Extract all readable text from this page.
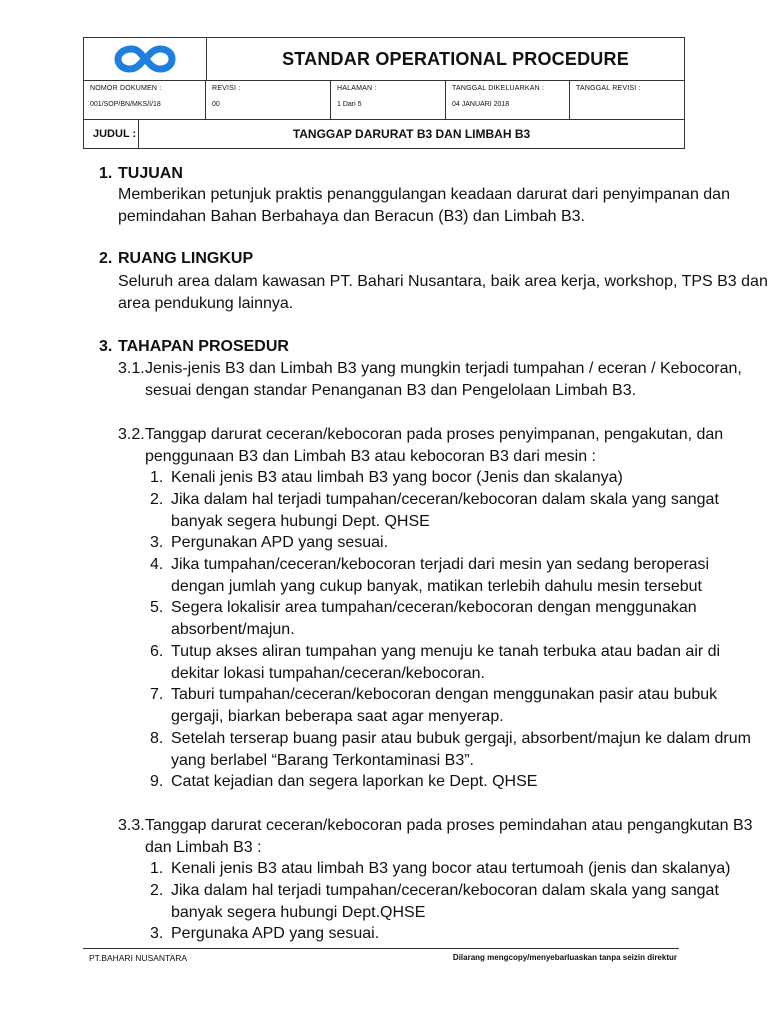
STANDAR OPERATIONAL PROCEDURE
NOMOR DOKUMEN :
001/SOP/BN/MKS/I/18
REVISI :
00
HALAMAN :
1 Dari 5
TANGGAL DIKELUARKAN :
04 JANUARI 2018
TANGGAL REVISI :
JUDUL :	TANGGAP DARURAT B3 DAN LIMBAH B3
1. TUJUAN
Memberikan petunjuk praktis penanggulangan keadaan darurat dari penyimpanan dan
pemindahan Bahan Berbahaya dan Beracun (B3) dan Limbah B3.
2. RUANG LINGKUP
Seluruh area dalam kawasan PT. Bahari Nusantara, baik area kerja, workshop, TPS B3 dan
area pendukung lainnya.
3. TAHAPAN PROSEDUR
3.1. Jenis-jenis B3 dan Limbah B3 yang mungkin terjadi tumpahan / eceran / Kebocoran,
sesuai dengan standar Penanganan B3 dan Pengelolaan Limbah B3.
3.2. Tanggap darurat ceceran/kebocoran pada proses penyimpanan, pengakutan, dan
penggunaan B3 dan Limbah B3 atau kebocoran B3 dari mesin :
1. Kenali jenis B3 atau limbah B3 yang bocor (Jenis dan skalanya)
2. Jika dalam hal terjadi tumpahan/ceceran/kebocoran dalam skala yang sangat
banyak segera hubungi Dept. QHSE
3. Pergunakan APD yang sesuai.
4. Jika tumpahan/ceceran/kebocoran terjadi dari mesin yan sedang beroperasi
dengan jumlah yang cukup banyak, matikan terlebih dahulu mesin tersebut
5. Segera lokalisir area tumpahan/ceceran/kebocoran dengan menggunakan
absorbent/majun.
6. Tutup akses aliran tumpahan yang menuju ke tanah terbuka atau badan air di
dekitar lokasi tumpahan/ceceran/kebocoran.
7. Taburi tumpahan/ceceran/kebocoran dengan menggunakan pasir atau bubuk
gergaji, biarkan beberapa saat agar menyerap.
8. Setelah terserap buang pasir atau bubuk gergaji, absorbent/majun ke dalam drum
yang berlabel “Barang Terkontaminasi B3”.
9. Catat kejadian dan segera laporkan ke Dept. QHSE
3.3. Tanggap darurat ceceran/kebocoran pada proses pemindahan atau pengangkutan B3
dan Limbah B3 :
1. Kenali jenis B3 atau limbah B3 yang bocor atau tertumoah (jenis dan skalanya)
2. Jika dalam hal terjadi tumpahan/ceceran/kebocoran dalam skala yang sangat
banyak segera hubungi Dept.QHSE
3. Pergunaka APD yang sesuai.
PT.BAHARI NUSANTARA	Dilarang mengcopy/menyebarluaskan tanpa seizin direktur
